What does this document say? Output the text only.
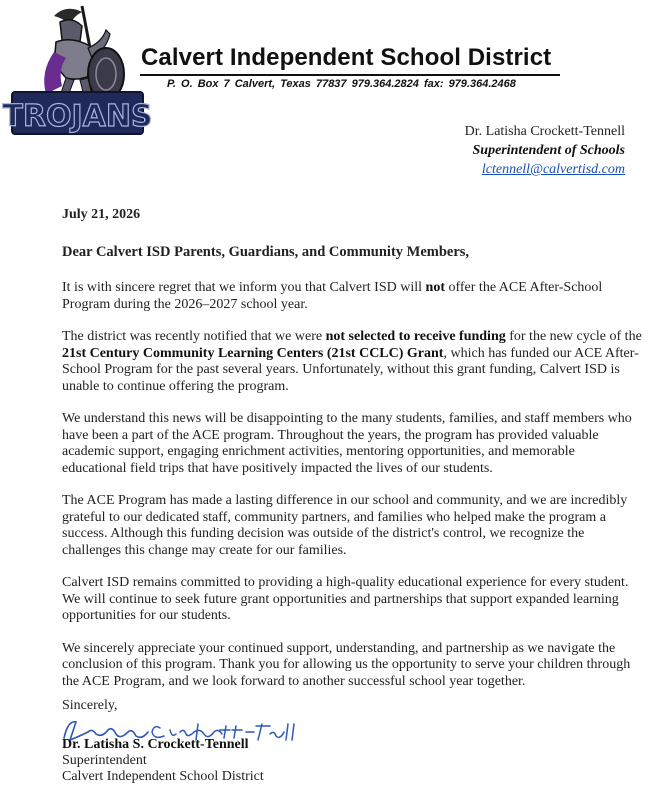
TROJANS
Calvert Independent School District
P. O. Box 7 Calvert, Texas 77837 979.364.2824 fax: 979.364.2468
Dr. Latisha Crockett-Tennell
Superintendent of Schools
lctennell@calvertisd.com
July 21, 2026
Dear Calvert ISD Parents, Guardians, and Community Members,

It is with sincere regret that we inform you that Calvert ISD will not offer the ACE After-School Program during the 2026–2027 school year.

The district was recently notified that we were not selected to receive funding for the new cycle of the 21st Century Community Learning Centers (21st CCLC) Grant, which has funded our ACE After-School Program for the past several years. Unfortunately, without this grant funding, Calvert ISD is unable to continue offering the program.

We understand this news will be disappointing to the many students, families, and staff members who have been a part of the ACE program. Throughout the years, the program has provided valuable academic support, engaging enrichment activities, mentoring opportunities, and memorable educational field trips that have positively impacted the lives of our students.

The ACE Program has made a lasting difference in our school and community, and we are incredibly grateful to our dedicated staff, community partners, and families who helped make the program a success. Although this funding decision was outside of the district's control, we recognize the challenges this change may create for our families.

Calvert ISD remains committed to providing a high-quality educational experience for every student. We will continue to seek future grant opportunities and partnerships that support expanded learning opportunities for our students.

We sincerely appreciate your continued support, understanding, and partnership as we navigate the conclusion of this program. Thank you for allowing us the opportunity to serve your children through the ACE Program, and we look forward to another successful school year together.

Sincerely,
Dr. Latisha S. Crockett-Tennell
Superintendent
Calvert Independent School District
